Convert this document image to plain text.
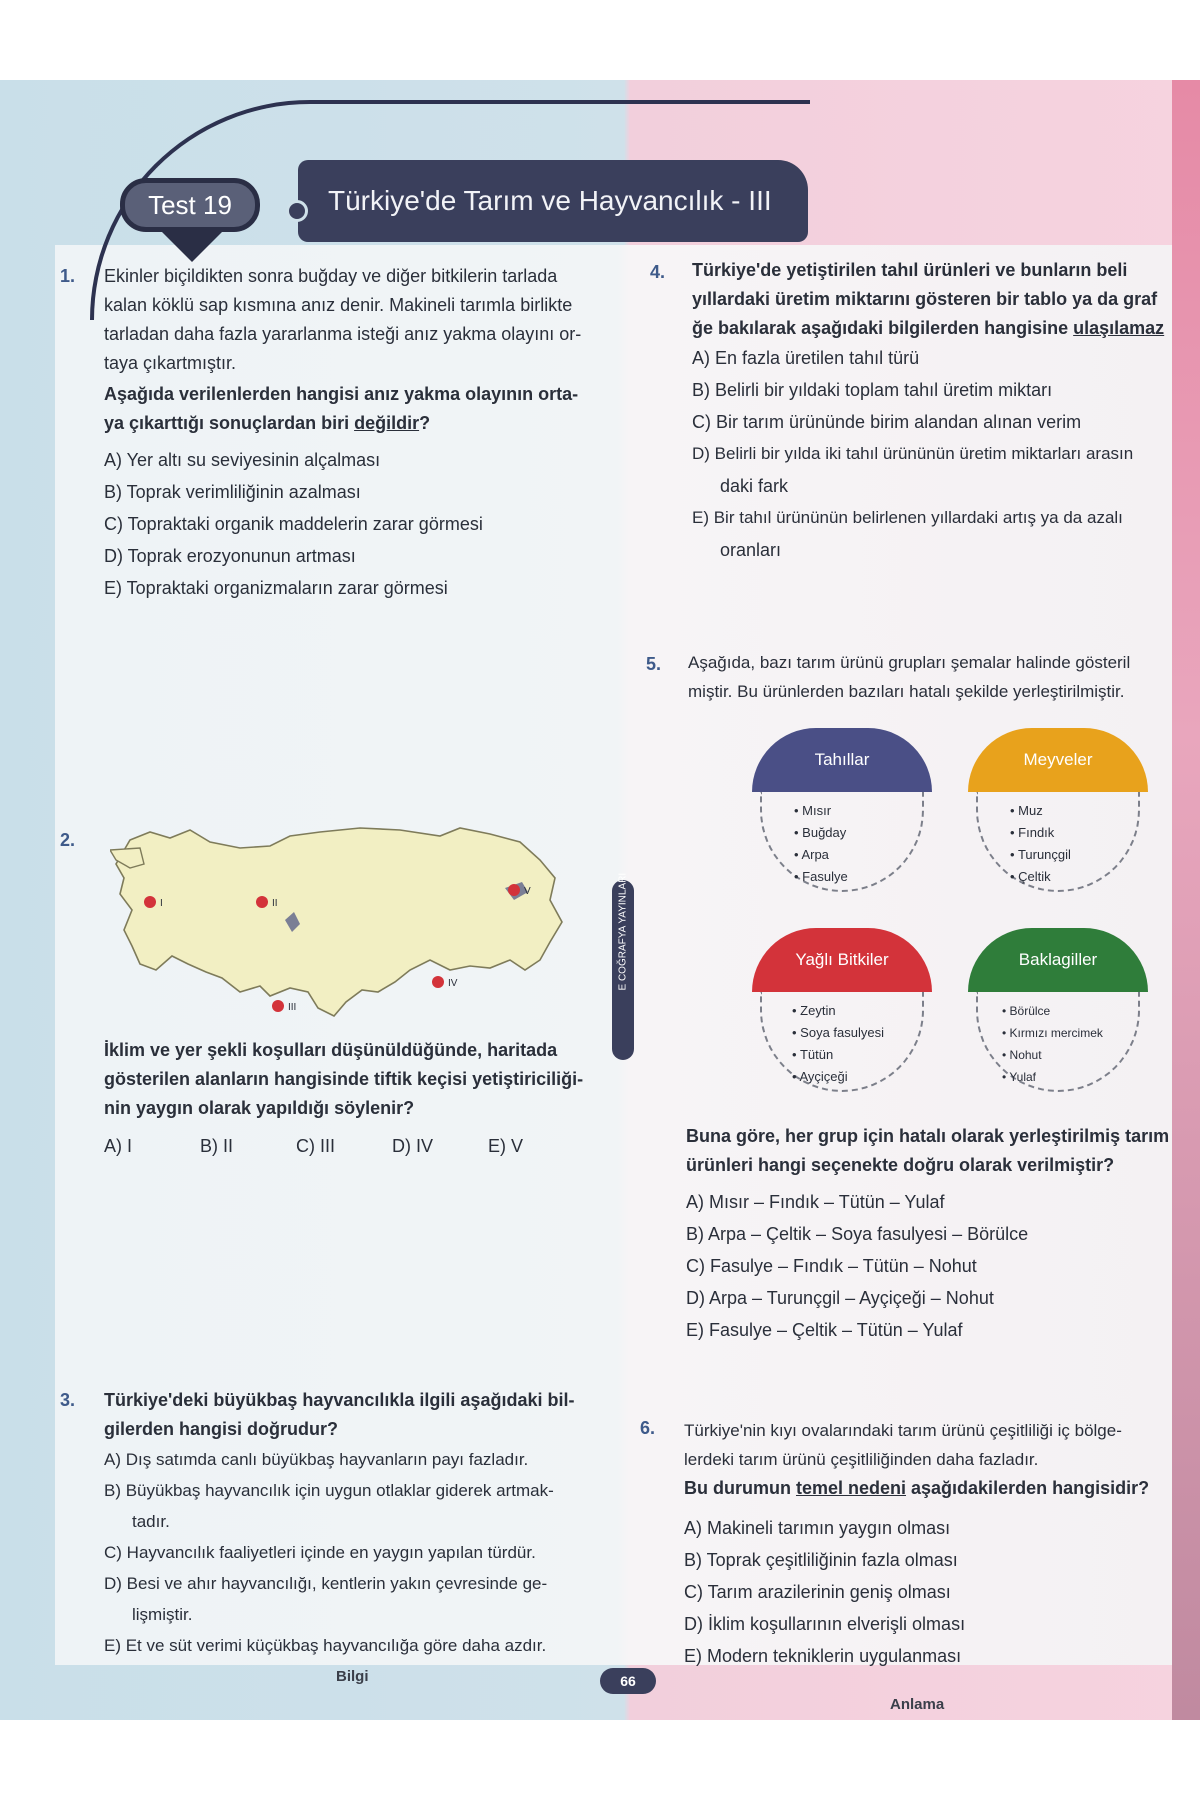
Test 19	Türkiye'de Tarım ve Hayvancılık - III
1. Ekinler biçildikten sonra buğday ve diğer bitkilerin tarlada
kalan köklü sap kısmına anız denir. Makineli tarımla birlikte
tarladan daha fazla yararlanma isteği anız yakma olayını or-
taya çıkartmıştır.
Aşağıda verilenlerden hangisi anız yakma olayının orta-
ya çıkarttığı sonuçlardan biri değildir?
A) Yer altı su seviyesinin alçalması
B) Toprak verimliliğinin azalması
C) Topraktaki organik maddelerin zarar görmesi
D) Toprak erozyonunun artması
E) Topraktaki organizmaların zarar görmesi
2.
I	II
III
IV
V
İklim ve yer şekli koşulları düşünüldüğünde, haritada
gösterilen alanların hangisinde tiftik keçisi yetiştiriciliği-
nin yaygın olarak yapıldığı söylenir?
A) I	B) II	C) III	D) IV	E) V
3. Türkiye'deki büyükbaş hayvancılıkla ilgili aşağıdaki bil-
gilerden hangisi doğrudur?
A) Dış satımda canlı büyükbaş hayvanların payı fazladır.
B) Büyükbaş hayvancılık için uygun otlaklar giderek artmak-
tadır.
C) Hayvancılık faaliyetleri içinde en yaygın yapılan türdür.
D) Besi ve ahır hayvancılığı, kentlerin yakın çevresinde ge-
lişmiştir.
E) Et ve süt verimi küçükbaş hayvancılığa göre daha azdır.
Bilgi
4. Türkiye'de yetiştirilen tahıl ürünleri ve bunların beli
yıllardaki üretim miktarını gösteren bir tablo ya da graf
ğe bakılarak aşağıdaki bilgilerden hangisine ulaşılamaz
A) En fazla üretilen tahıl türü
B) Belirli bir yıldaki toplam tahıl üretim miktarı
C) Bir tarım ürününde birim alandan alınan verim
D) Belirli bir yılda iki tahıl ürününün üretim miktarları arasın
daki fark
E) Bir tahıl ürününün belirlenen yıllardaki artış ya da azalı
oranları
5. Aşağıda, bazı tarım ürünü grupları şemalar halinde gösteril
miştir. Bu ürünlerden bazıları hatalı şekilde yerleştirilmiştir.
Tahıllar
• Mısır
• Buğday
• Arpa
• Fasulye
Meyveler
• Muz
• Fındık
• Turunçgil
• Çeltik
Yağlı Bitkiler
• Zeytin
• Soya fasulyesi
• Tütün
• Ayçiçeği
Baklagiller
• Börülce
• Kırmızı mercimek
• Nohut
• Yulaf
Buna göre, her grup için hatalı olarak yerleştirilmiş tarım
ürünleri hangi seçenekte doğru olarak verilmiştir?
A) Mısır – Fındık – Tütün – Yulaf
B) Arpa – Çeltik – Soya fasulyesi – Börülce
C) Fasulye – Fındık – Tütün – Nohut
D) Arpa – Turunçgil – Ayçiçeği – Nohut
E) Fasulye – Çeltik – Tütün – Yulaf
6. Türkiye'nin kıyı ovalarındaki tarım ürünü çeşitliliği iç bölge-
lerdeki tarım ürünü çeşitliliğinden daha fazladır.
Bu durumun temel nedeni aşağıdakilerden hangisidir?
A) Makineli tarımın yaygın olması
B) Toprak çeşitliliğinin fazla olması
C) Tarım arazilerinin geniş olması
D) İklim koşullarının elverişli olması
E) Modern tekniklerin uygulanması
Anlama
66
